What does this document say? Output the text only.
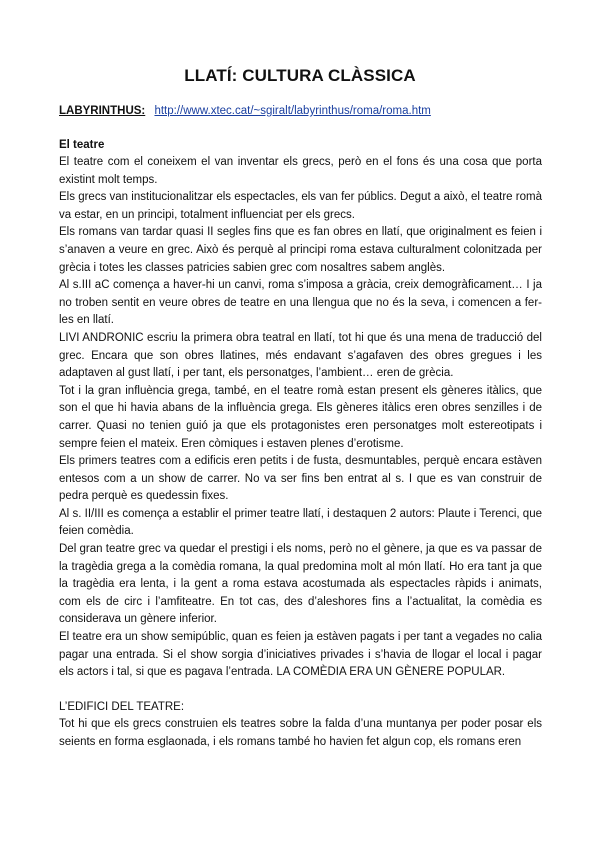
LLATÍ: CULTURA CLÀSSICA
LABYRINTHUS: http://www.xtec.cat/~sgiralt/labyrinthus/roma/roma.htm
El teatre

El teatre com el coneixem el van inventar els grecs, però en el fons és una cosa que porta existint molt temps.

Els grecs van institucionalitzar els espectacles, els van fer públics. Degut a això, el teatre romà va estar, en un principi, totalment influenciat per els grecs.

Els romans van tardar quasi II segles fins que es fan obres en llatí, que originalment es feien i s’anaven a veure en grec. Això és perquè al principi roma estava culturalment colonitzada per grècia i totes les classes patricies sabien grec com nosaltres sabem anglès.

Al s.III aC comença a haver-hi un canvi, roma s’imposa a gràcia, creix demogràficament… I ja no troben sentit en veure obres de teatre en una llengua que no és la seva, i comencen a fer-les en llatí.

LIVI ANDRONIC escriu la primera obra teatral en llatí, tot hi que és una mena de traducció del grec. Encara que son obres llatines, més endavant s’agafaven des obres gregues i les adaptaven al gust llatí, i per tant, els personatges, l’ambient… eren de grècia.

Tot i la gran influència grega, també, en el teatre romà estan present els gèneres itàlics, que son el que hi havia abans de la influència grega. Els gèneres itàlics eren obres senzilles i de carrer. Quasi no tenien guió ja que els protagonistes eren personatges molt estereotipats i sempre feien el mateix. Eren còmiques i estaven plenes d’erotisme.

Els primers teatres com a edificis eren petits i de fusta, desmuntables, perquè encara estàven entesos com a un show de carrer. No va ser fins ben entrat al s. I que es van construir de pedra perquè es quedessin fixes.

Al s. II/III es comença a establir el primer teatre llatí, i destaquen 2 autors: Plaute i Terenci, que feien comèdia.

Del gran teatre grec va quedar el prestigi i els noms, però no el gènere, ja que es va passar de la tragèdia grega a la comèdia romana, la qual predomina molt al món llatí. Ho era tant ja que la tragèdia era lenta, i la gent a roma estava acostumada als espectacles ràpids i animats, com els de circ i l’amfiteatre. En tot cas, des d’aleshores fins a l’actualitat, la comèdia es considerava un gènere inferior.

El teatre era un show semipúblic, quan es feien ja estàven pagats i per tant a vegades no calia pagar una entrada. Si el show sorgia d’iniciatives privades i s’havia de llogar el local i pagar els actors i tal, si que es pagava l’entrada. LA COMÈDIA ERA UN GÈNERE POPULAR.

L’EDIFICI DEL TEATRE:

Tot hi que els grecs construien els teatres sobre la falda d’una muntanya per poder posar els seients en forma esglaonada, i els romans també ho havien fet algun cop, els romans eren
